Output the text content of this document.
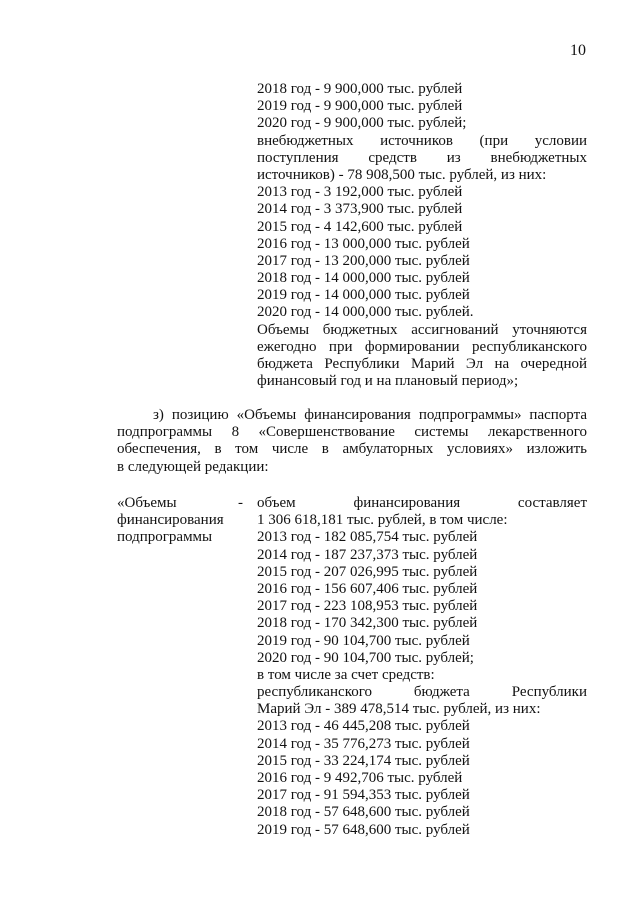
10
2018 год - 9 900,000 тыс. рублей
2019 год - 9 900,000 тыс. рублей
2020 год - 9 900,000 тыс. рублей;
внебюджетных источников (при условии
поступления средств из внебюджетных
источников) - 78 908,500 тыс. рублей, из них:
2013 год - 3 192,000 тыс. рублей
2014 год - 3 373,900 тыс. рублей
2015 год - 4 142,600 тыс. рублей
2016 год - 13 000,000 тыс. рублей
2017 год - 13 200,000 тыс. рублей
2018 год - 14 000,000 тыс. рублей
2019 год - 14 000,000 тыс. рублей
2020 год - 14 000,000 тыс. рублей.
Объемы бюджетных ассигнований уточняются
ежегодно при формировании республиканского
бюджета Республики Марий Эл на очередной
финансовый год и на плановый период»;
з) позицию «Объемы финансирования подпрограммы» паспорта
подпрограммы 8 «Совершенствование системы лекарственного
обеспечения, в том числе в амбулаторных условиях» изложить
в следующей редакции:
«Объемы
финансирования
подпрограммы
- объем финансирования составляет
1 306 618,181 тыс. рублей, в том числе:
2013 год - 182 085,754 тыс. рублей
2014 год - 187 237,373 тыс. рублей
2015 год - 207 026,995 тыс. рублей
2016 год - 156 607,406 тыс. рублей
2017 год - 223 108,953 тыс. рублей
2018 год - 170 342,300 тыс. рублей
2019 год - 90 104,700 тыс. рублей
2020 год - 90 104,700 тыс. рублей;
в том числе за счет средств:
республиканского бюджета Республики
Марий Эл - 389 478,514 тыс. рублей, из них:
2013 год - 46 445,208 тыс. рублей
2014 год - 35 776,273 тыс. рублей
2015 год - 33 224,174 тыс. рублей
2016 год - 9 492,706 тыс. рублей
2017 год - 91 594,353 тыс. рублей
2018 год - 57 648,600 тыс. рублей
2019 год - 57 648,600 тыс. рублей
